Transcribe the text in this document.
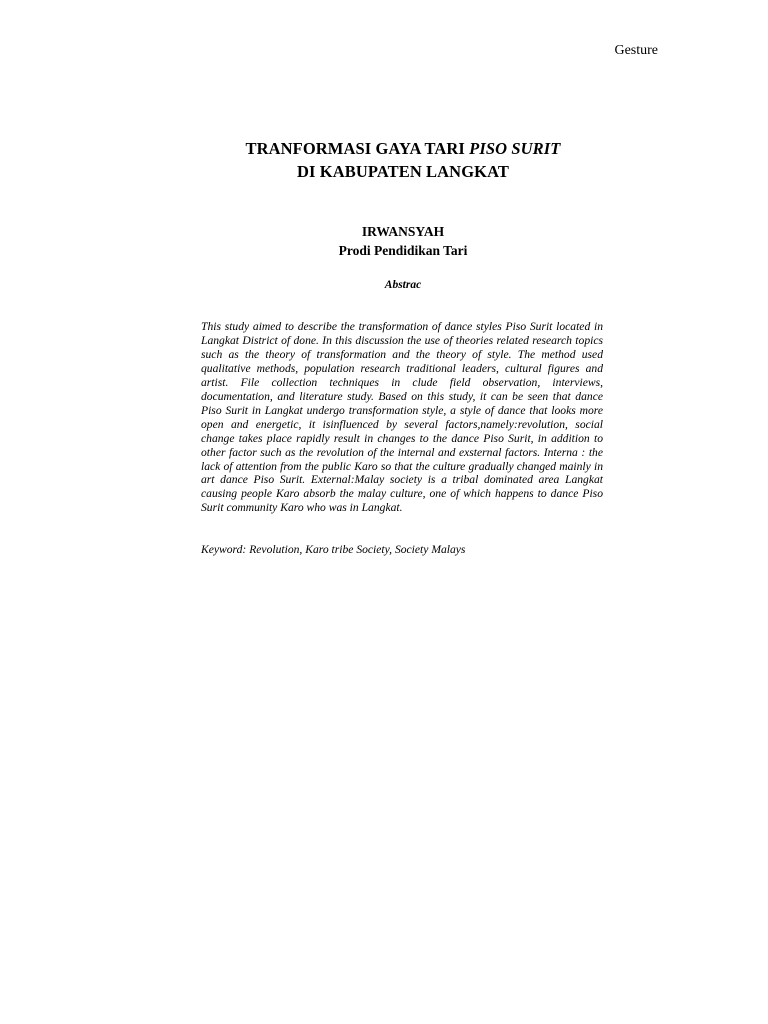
Gesture
TRANFORMASI GAYA TARI PISO SURIT
DI KABUPATEN LANGKAT
IRWANSYAH
Prodi Pendidikan Tari
Abstrac

This study aimed to describe the transformation of dance styles Piso Surit located in Langkat District of done. In this discussion the use of theories related research topics such as the theory of transformation and the theory of style. The method used qualitative methods, population research traditional leaders, cultural figures and artist. File collection techniques in clude field observation, interviews, documentation, and literature study. Based on this study, it can be seen that dance Piso Surit in Langkat undergo transformation style, a style of dance that looks more open and energetic, it isinfluenced by several factors,namely:revolution, social change takes place rapidly result in changes to the dance Piso Surit, in addition to other factor such as the revolution of the internal and exsternal factors. Interna : the lack of attention from the public Karo so that the culture gradually changed mainly in art dance Piso Surit. External:Malay society is a tribal dominated area Langkat causing people Karo absorb the malay culture, one of which happens to dance Piso Surit community Karo who was in Langkat.

Keyword: Revolution, Karo tribe Society, Society Malays
